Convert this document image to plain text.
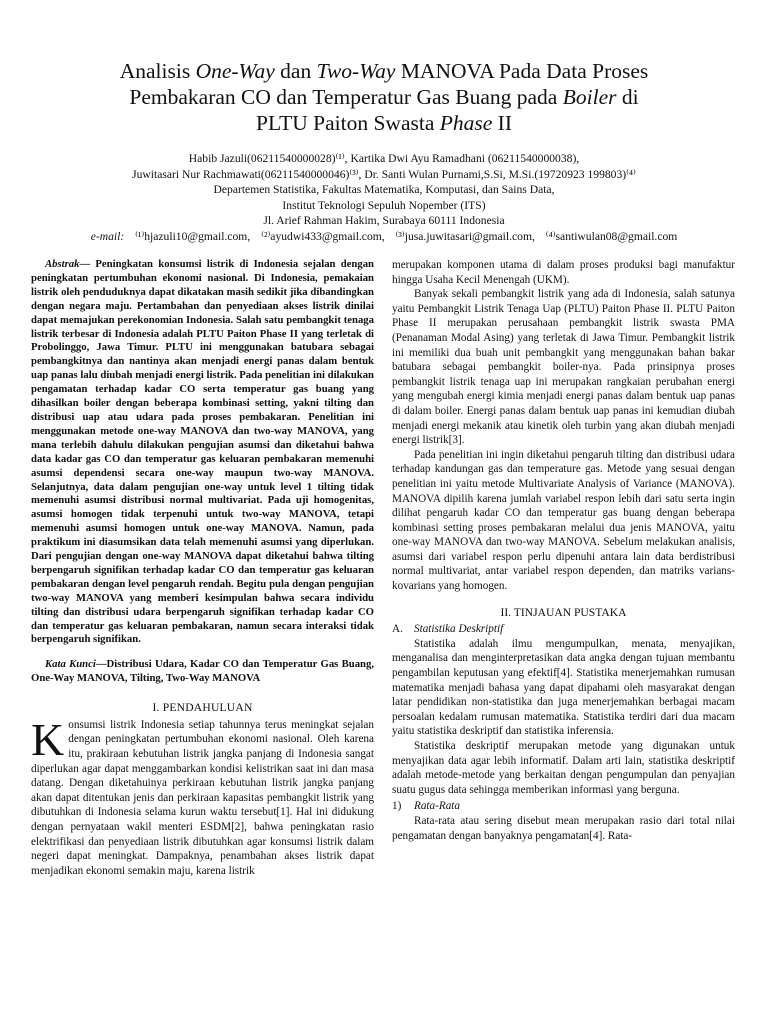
Analisis One-Way dan Two-Way MANOVA Pada Data Proses
Pembakaran CO dan Temperatur Gas Buang pada Boiler di
PLTU Paiton Swasta Phase II
Habib Jazuli(06211540000028)⁽¹⁾, Kartika Dwi Ayu Ramadhani (06211540000038),
Juwitasari Nur Rachmawati(06211540000046)⁽³⁾, Dr. Santi Wulan Purnami,S.Si, M.Si.(19720923 199803)⁽⁴⁾
Departemen Statistika, Fakultas Matematika, Komputasi, dan Sains Data,
Institut Teknologi Sepuluh Nopember (ITS)
Jl. Arief Rahman Hakim, Surabaya 60111 Indonesia
e-mail: ⁽¹⁾hjazuli10@gmail.com, ⁽²⁾ayudwi433@gmail.com, ⁽³⁾jusa.juwitasari@gmail.com, ⁽⁴⁾santiwulan08@gmail.com

Abstrak— Peningkatan konsumsi listrik di Indonesia sejalan dengan peningkatan pertumbuhan ekonomi nasional. Di Indonesia, pemakaian listrik oleh penduduknya dapat dikatakan masih sedikit jika dibandingkan dengan negara maju. Pertambahan dan penyediaan akses listrik dinilai dapat memajukan perekonomian Indonesia. Salah satu pembangkit tenaga listrik terbesar di Indonesia adalah PLTU Paiton Phase II yang terletak di Probolinggo, Jawa Timur. PLTU ini menggunakan batubara sebagai pembangkitnya dan nantinya akan menjadi energi panas dalam bentuk uap panas lalu diubah menjadi energi listrik. Pada penelitian ini dilakukan pengamatan terhadap kadar CO serta temperatur gas buang yang dihasilkan boiler dengan beberapa kombinasi setting, yakni tilting dan distribusi uap atau udara pada proses pembakaran. Penelitian ini menggunakan metode one-way MANOVA dan two-way MANOVA, yang mana terlebih dahulu dilakukan pengujian asumsi dan diketahui bahwa data kadar gas CO dan temperatur gas keluaran pembakaran memenuhi asumsi dependensi secara one-way maupun two-way MANOVA. Selanjutnya, data dalam pengujian one-way untuk level 1 tilting tidak memenuhi asumsi distribusi normal multivariat. Pada uji homogenitas, asumsi homogen tidak terpenuhi untuk two-way MANOVA, tetapi memenuhi asumsi homogen untuk one-way MANOVA. Namun, pada praktikum ini diasumsikan data telah memenuhi asumsi yang diperlukan. Dari pengujian dengan one-way MANOVA dapat diketahui bahwa tilting berpengaruh signifikan terhadap kadar CO dan temperatur gas keluaran pembakaran dengan level pengaruh rendah. Begitu pula dengan pengujian two-way MANOVA yang memberi kesimpulan bahwa secara individu tilting dan distribusi udara berpengaruh signifikan terhadap kadar CO dan temperatur gas keluaran pembakaran, namun secara interaksi tidak berpengaruh signifikan.

Kata Kunci—Distribusi Udara, Kadar CO dan Temperatur Gas Buang, One-Way MANOVA, Tilting, Two-Way MANOVA

I. PENDAHULUAN

Konsumsi listrik Indonesia setiap tahunnya terus meningkat sejalan dengan peningkatan pertumbuhan ekonomi nasional. Oleh karena itu, prakiraan kebutuhan listrik jangka panjang di Indonesia sangat diperlukan agar dapat menggambarkan kondisi kelistrikan saat ini dan masa datang. Dengan diketahuinya perkiraan kebutuhan listrik jangka panjang akan dapat ditentukan jenis dan perkiraan kapasitas pembangkit listrik yang dibutuhkan di Indonesia selama kurun waktu tersebut[1]. Hal ini didukung dengan pernyataan wakil menteri ESDM[2], bahwa peningkatan rasio elektrifikasi dan penyediaan listrik dibutuhkan agar konsumsi listrik dalam negeri dapat meningkat. Dampaknya, penambahan akses listrik dapat menjadikan ekonomi semakin maju, karena listrik

merupakan komponen utama di dalam proses produksi bagi manufaktur hingga Usaha Kecil Menengah (UKM).

Banyak sekali pembangkit listrik yang ada di Indonesia, salah satunya yaitu Pembangkit Listrik Tenaga Uap (PLTU) Paiton Phase II. PLTU Paiton Phase II merupakan perusahaan pembangkit listrik swasta PMA (Penanaman Modal Asing) yang terletak di Jawa Timur. Pembangkit listrik ini memiliki dua buah unit pembangkit yang menggunakan bahan bakar batubara sebagai pembangkit boiler-nya. Pada prinsipnya proses pembangkit listrik tenaga uap ini merupakan rangkaian perubahan energi yang mengubah energi kimia menjadi energi panas dalam bentuk uap panas di dalam boiler. Energi panas dalam bentuk uap panas ini kemudian diubah menjadi energi mekanik atau kinetik oleh turbin yang akan diubah menjadi energi listrik[3].

Pada penelitian ini ingin diketahui pengaruh tilting dan distribusi udara terhadap kandungan gas dan temperature gas. Metode yang sesuai dengan penelitian ini yaitu metode Multivariate Analysis of Variance (MANOVA). MANOVA dipilih karena jumlah variabel respon lebih dari satu serta ingin dilihat pengaruh kadar CO dan temperatur gas buang dengan beberapa kombinasi setting proses pembakaran melalui dua jenis MANOVA, yaitu one-way MANOVA dan two-way MANOVA. Sebelum melakukan analisis, asumsi dari variabel respon perlu dipenuhi antara lain data berdistribusi normal multivariat, antar variabel respon dependen, dan matriks varians-kovarians yang homogen.

II. TINJAUAN PUSTAKA

A. Statistika Deskriptif

Statistika adalah ilmu mengumpulkan, menata, menyajikan, menganalisa dan menginterpretasikan data angka dengan tujuan membantu pengambilan keputusan yang efektif[4]. Statistika menerjemahkan rumusan matematika menjadi bahasa yang dapat dipahami oleh masyarakat dengan latar pendidikan non-statistika dan juga menerjemahkan berbagai macam persoalan kedalam rumusan matematika. Statistika terdiri dari dua macam yaitu statistika deskriptif dan statistika inferensia.

Statistika deskriptif merupakan metode yang digunakan untuk menyajikan data agar lebih informatif. Dalam arti lain, statistika deskriptif adalah metode-metode yang berkaitan dengan pengumpulan dan penyajian suatu gugus data sehingga memberikan informasi yang berguna.

1) Rata-Rata

Rata-rata atau sering disebut mean merupakan rasio dari total nilai pengamatan dengan banyaknya pengamatan[4]. Rata-
